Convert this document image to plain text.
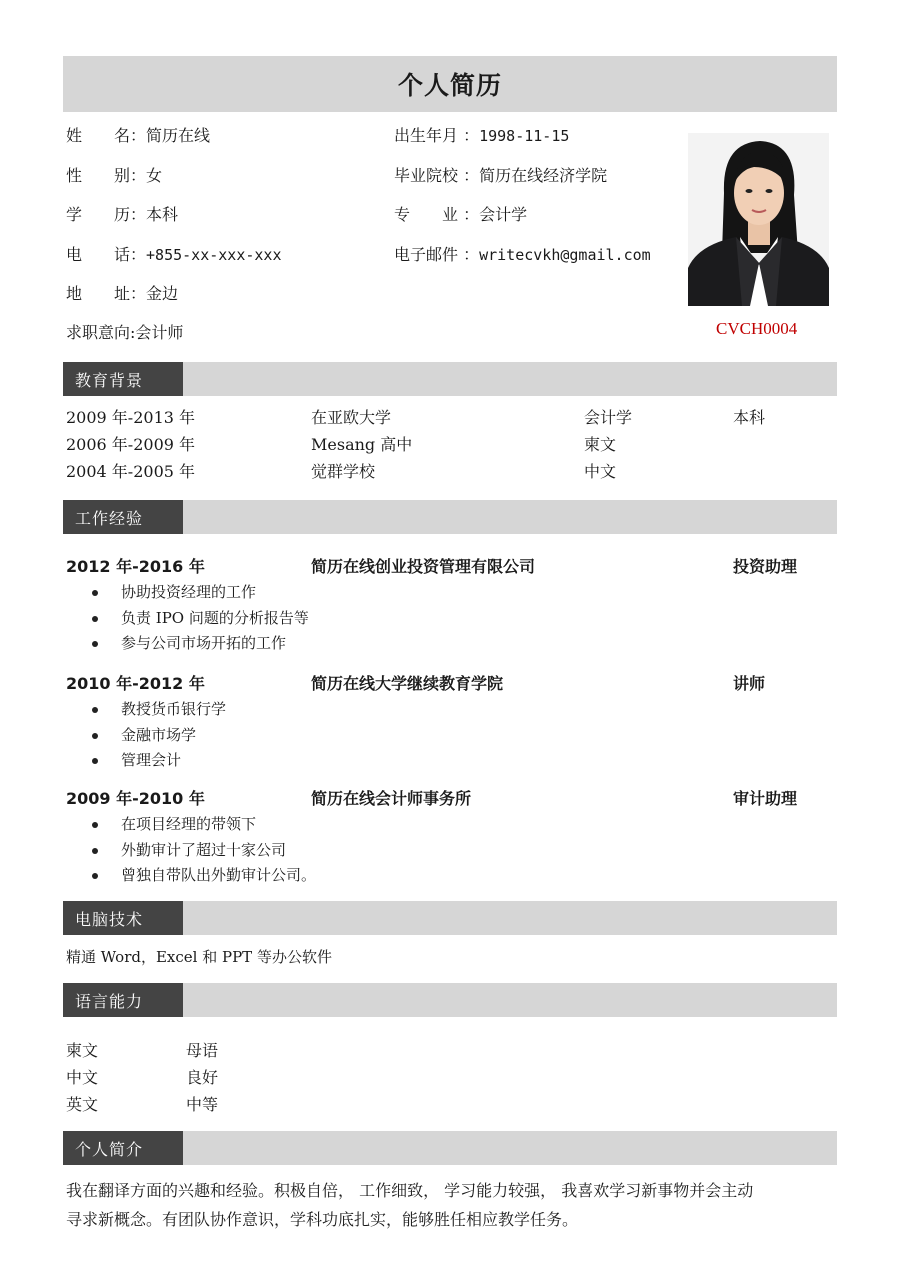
个人简历
姓　　名：简历在线
性　　别：女
学　　历：本科
电　　话：+855-xx-xxx-xxx
地　　址：金边
求职意向:会计师
出生年月 ：1998-11-15
毕业院校 ：简历在线经济学院
专　　业 ：会计学
电子邮件 ：writecvkh@gmail.com
CVCH0004
教育背景
2009 年-2013 年	在亚欧大学	会计学	本科
2006 年-2009 年	Mesang 高中	柬文
2004 年-2005 年	觉群学校	中文
工作经验
2012 年-2016 年	简历在线创业投资管理有限公司	投资助理
协助投资经理的工作
负责 IPO 问题的分析报告等
参与公司市场开拓的工作
2010 年-2012 年	简历在线大学继续教育学院	讲师
教授货币银行学
金融市场学
管理会计
2009 年-2010 年	简历在线会计师事务所	审计助理
在项目经理的带领下
外勤审计了超过十家公司
曾独自带队出外勤审计公司。
电脑技术
精通 Word，Excel 和 PPT 等办公软件
语言能力
柬文	母语
中文	良好
英文	中等
个人简介
我在翻译方面的兴趣和经验。积极自倍， 工作细致， 学习能力较强， 我喜欢学习新事物并会主动
寻求新概念。有团队协作意识，学科功底扎实，能够胜任相应教学任务。
